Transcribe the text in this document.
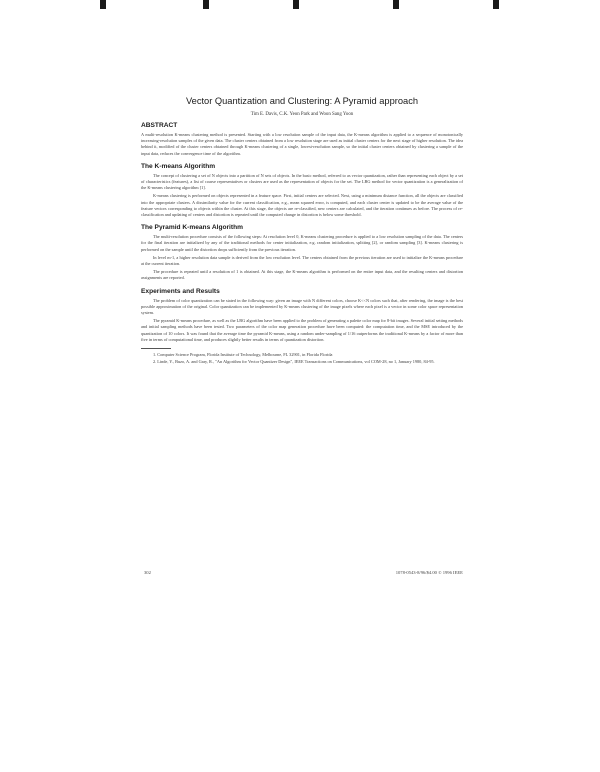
Vector Quantization and Clustering: A Pyramid approach

Tim E. Davis, C.K. Yeon Park and Woon Sang Yoon

ABSTRACT

A multi-resolution K-means clustering method is presented. Starting with a low resolution sample of the input data, the K-means algorithm is applied to a sequence of monotonically increasing-resolution samples of the given data. The cluster centers obtained from a low resolution stage are used as initial cluster centers for the next stage of higher resolution. The idea behind it, modified of the cluster centers obtained through K-means clustering of a single, lowest-resolution sample, so the initial cluster centers obtained by clustering a sample of the input data, reduces the convergence time of the algorithm.

The K-means Algorithm

The concept of clustering a set of N objects into a partition of N sets of objects. In the basic method, referred to as vector quantization, rather than representing each object by a set of characteristics (features), a list of coarse representatives or clusters are used as the representation of objects for the set. The LBG method for vector quantization is a generalization of the K-means clustering algorithm [1].

K-means clustering is performed on objects represented in a feature space. First, initial centers are selected. Next, using a minimum distance function, all the objects are classified into the appropriate clusters. A dissimilarity value for the current classification, e.g., mean squared error, is computed, and each cluster center is updated to be the average value of the feature vectors corresponding to objects within the cluster. At this stage, the objects are re-classified, new centers are calculated, and the iteration continues as before. The process of re-classification and updating of centers and distortion is repeated until the computed change in distortion is below some threshold.

The Pyramid K-means Algorithm

The multi-resolution procedure consists of the following steps: At resolution level 0, K-means clustering procedure is applied to a low resolution sampling of the data. The centers for the final iteration are initialized by any of the traditional methods for center initialization, e.g. random initialization, splitting [2], or random sampling [3]. K-means clustering is performed on the sample until the distortion drops sufficiently from the previous iteration.

In level m-1, a higher resolution data sample is derived from the low resolution level. The centers obtained from the previous iteration are used to initialize the K-means procedure at the current iteration.

The procedure is repeated until a resolution of 1 is obtained. At this stage, the K-means algorithm is performed on the entire input data, and the resulting centers and distortion assignments are reported.

Experiments and Results

The problem of color quantization can be stated in the following way: given an image with N different colors, choose K<<N colors such that, after rendering, the image is the best possible approximation of the original. Color quantization can be implemented by K-means clustering of the image pixels where each pixel is a vector in some color space representation system.

The pyramid K-means procedure, as well as the LBG algorithm have been applied to the problem of generating a palette color map for 8-bit images. Several initial setting methods and initial sampling methods have been tested. Two parameters of the color map generation procedure have been computed: the computation time, and the MSE introduced by the quantization of 10 colors. It was found that the average time the pyramid K-means, using a random under-sampling of 1/16 outperforms the traditional K-means by a factor of more than five in terms of computational time, and produces slightly better results in terms of quantization distortion.

1. Computer Science Program, Florida Institute of Technology, Melbourne, FL 32901, in Florida Florida

2. Linde, Y., Buzo, A. and Gray, R., "An Algorithm for Vector Quantizer Design", IEEE Transactions on Communications, vol COM-28, no 1, January 1980, 84-95.

302	1078-0543-8/96/$4.00 © 1996 IEEE
